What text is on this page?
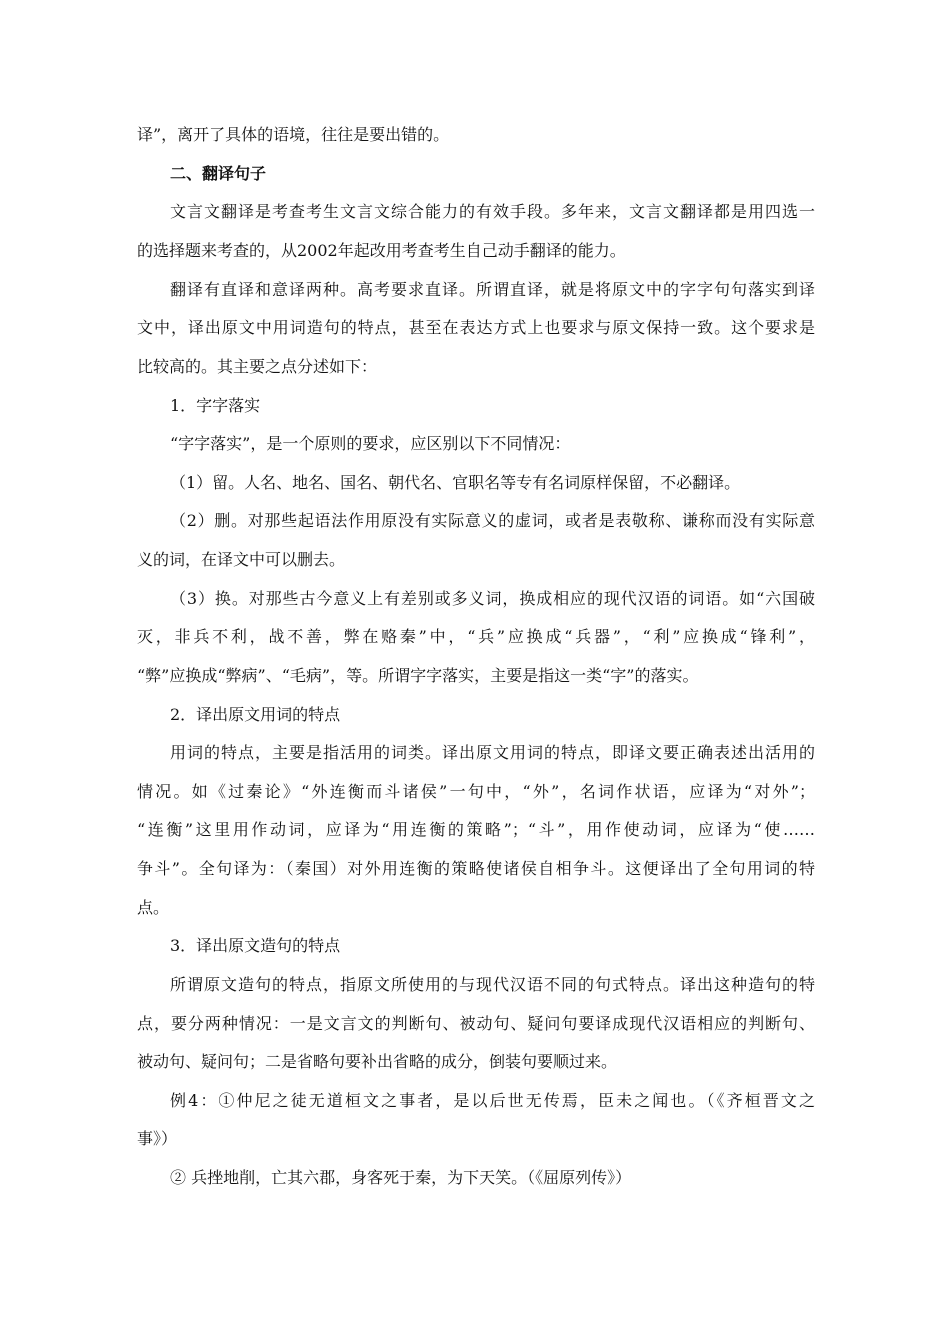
译”，离开了具体的语境，往往是要出错的。

二、翻译句子

文言文翻译是考查考生文言文综合能力的有效手段。多年来，文言文翻译都是用四选一

的选择题来考查的，从2002年起改用考查考生自己动手翻译的能力。

翻译有直译和意译两种。高考要求直译。所谓直译，就是将原文中的字字句句落实到译

文中，译出原文中用词造句的特点，甚至在表达方式上也要求与原文保持一致。这个要求是

比较高的。其主要之点分述如下：

1．字字落实

“字字落实”，是一个原则的要求，应区别以下不同情况：

（1）留。人名、地名、国名、朝代名、官职名等专有名词原样保留，不必翻译。

（2）删。对那些起语法作用原没有实际意义的虚词，或者是表敬称、谦称而没有实际意

义的词，在译文中可以删去。

（3）换。对那些古今意义上有差别或多义词，换成相应的现代汉语的词语。如“六国破

灭，非兵不利，战不善，弊在赂秦”中，“兵”应换成“兵器”，“利”应换成“锋利”，

“弊”应换成“弊病”、“毛病”，等。所谓字字落实，主要是指这一类“字”的落实。

2．译出原文用词的特点

用词的特点，主要是指活用的词类。译出原文用词的特点，即译文要正确表述出活用的

情况。如《过秦论》“外连衡而斗诸侯”一句中，“外”，名词作状语，应译为“对外”；

“连衡”这里用作动词，应译为“用连衡的策略”；“斗”，用作使动词，应译为“使……

争斗”。全句译为：（秦国）对外用连衡的策略使诸侯自相争斗。这便译出了全句用词的特

点。

3．译出原文造句的特点

所谓原文造句的特点，指原文所使用的与现代汉语不同的句式特点。译出这种造句的特

点，要分两种情况：一是文言文的判断句、被动句、疑问句要译成现代汉语相应的判断句、

被动句、疑问句；二是省略句要补出省略的成分，倒装句要顺过来。

例4：①仲尼之徒无道桓文之事者，是以后世无传焉，臣未之闻也。（《齐桓晋文之

事》）

② 兵挫地削，亡其六郡，身客死于秦，为下天笑。（《屈原列传》）
